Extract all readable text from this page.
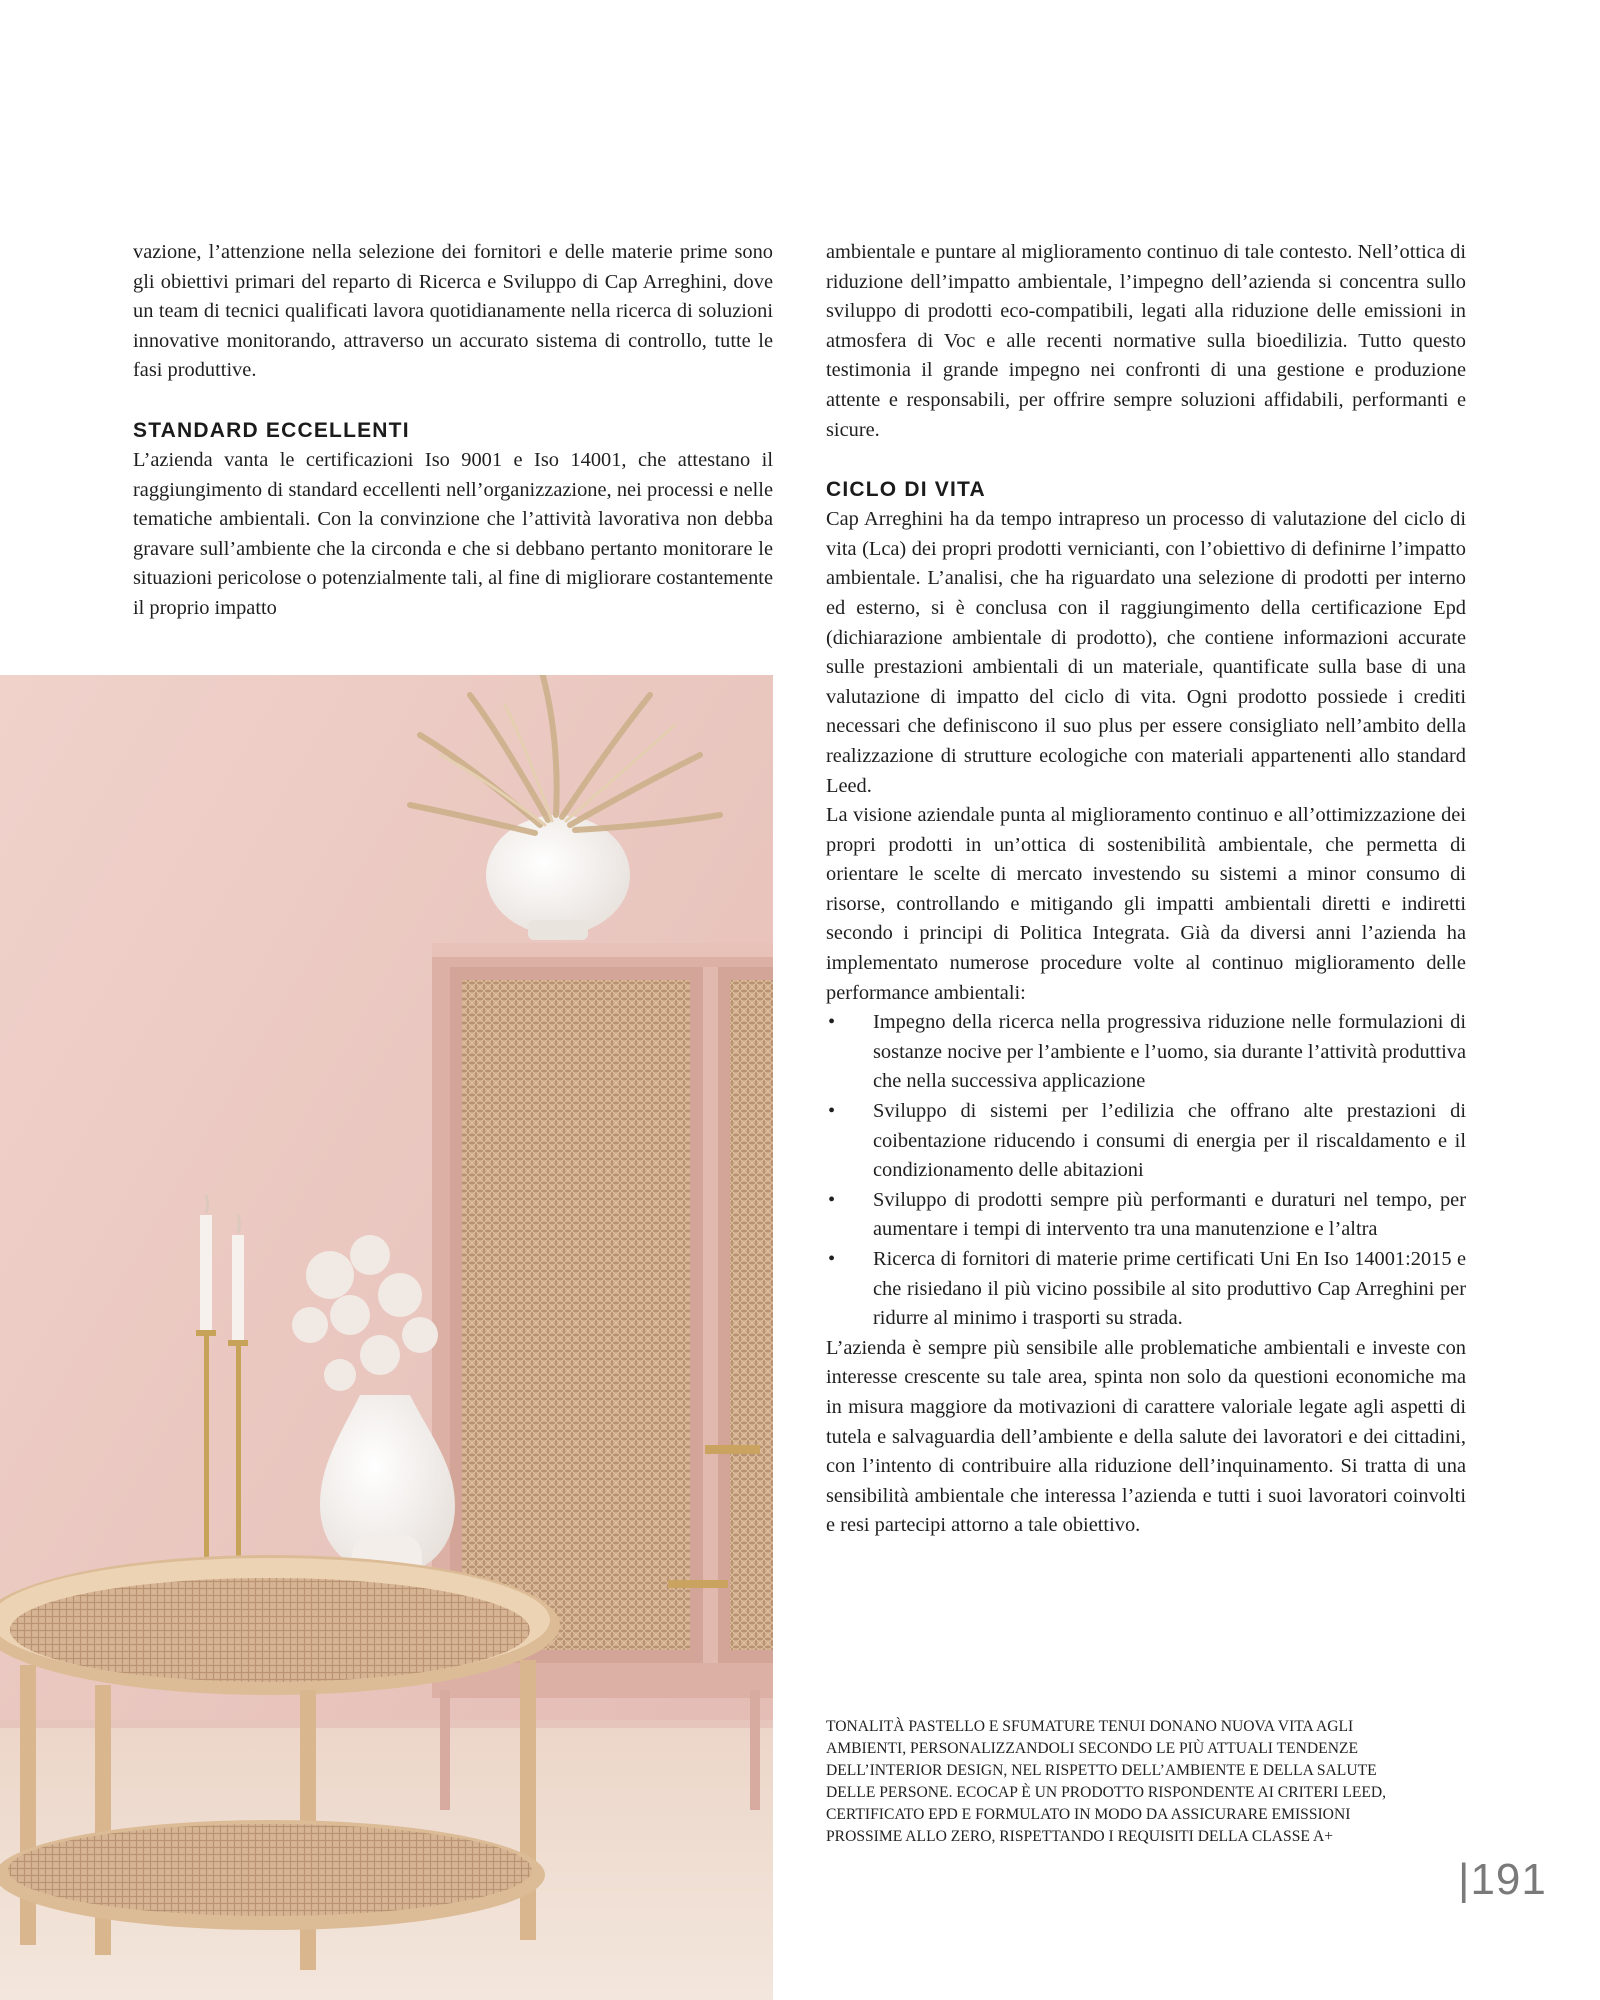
vazione, l’attenzione nella selezione dei fornitori e delle materie prime sono gli obiettivi primari del reparto di Ricerca e Sviluppo di Cap Arreghini, dove un team di tecnici qualificati lavora quotidianamente nella ricerca di soluzioni innovative monitorando, attraverso un accurato sistema di controllo, tutte le fasi produttive.

STANDARD ECCELLENTI

L’azienda vanta le certificazioni Iso 9001 e Iso 14001, che attestano il raggiungimento di standard eccellenti nell’organizzazione, nei processi e nelle tematiche ambientali. Con la convinzione che l’attività lavorativa non debba gravare sull’ambiente che la circonda e che si debbano pertanto monitorare le situazioni pericolose o potenzialmente tali, al fine di migliorare costantemente il proprio impatto

ambientale e puntare al miglioramento continuo di tale contesto. Nell’ottica di riduzione dell’impatto ambientale, l’impegno dell’azienda si concentra sullo sviluppo di prodotti eco-compatibili, legati alla riduzione delle emissioni in atmosfera di Voc e alle recenti normative sulla bioedilizia. Tutto questo testimonia il grande impegno nei confronti di una gestione e produzione attente e responsabili, per offrire sempre soluzioni affidabili, performanti e sicure.

CICLO DI VITA

Cap Arreghini ha da tempo intrapreso un processo di valutazione del ciclo di vita (Lca) dei propri prodotti vernicianti, con l’obiettivo di definirne l’impatto ambientale. L’analisi, che ha riguardato una selezione di prodotti per interno ed esterno, si è conclusa con il raggiungimento della certificazione Epd (dichiarazione ambientale di prodotto), che contiene informazioni accurate sulle prestazioni ambientali di un materiale, quantificate sulla base di una valutazione di impatto del ciclo di vita. Ogni prodotto possiede i crediti necessari che definiscono il suo plus per essere consigliato nell’ambito della realizzazione di strutture ecologiche con materiali appartenenti allo standard Leed.

La visione aziendale punta al miglioramento continuo e all’ottimizzazione dei propri prodotti in un’ottica di sostenibilità ambientale, che permetta di orientare le scelte di mercato investendo su sistemi a minor consumo di risorse, controllando e mitigando gli impatti ambientali diretti e indiretti secondo i principi di Politica Integrata. Già da diversi anni l’azienda ha implementato numerose procedure volte al continuo miglioramento delle performance ambientali:

• Impegno della ricerca nella progressiva riduzione nelle formulazioni di sostanze nocive per l’ambiente e l’uomo, sia durante l’attività produttiva che nella successiva applicazione
• Sviluppo di sistemi per l’edilizia che offrano alte prestazioni di coibentazione riducendo i consumi di energia per il riscaldamento e il condizionamento delle abitazioni
• Sviluppo di prodotti sempre più performanti e duraturi nel tempo, per aumentare i tempi di intervento tra una manutenzione e l’altra
• Ricerca di fornitori di materie prime certificati Uni En Iso 14001:2015 e che risiedano il più vicino possibile al sito produttivo Cap Arreghini per ridurre al minimo i trasporti su strada.

L’azienda è sempre più sensibile alle problematiche ambientali e investe con interesse crescente su tale area, spinta non solo da questioni economiche ma in misura maggiore da motivazioni di carattere valoriale legate agli aspetti di tutela e salvaguardia dell’ambiente e della salute dei lavoratori e dei cittadini, con l’intento di contribuire alla riduzione dell’inquinamento. Si tratta di una sensibilità ambientale che interessa l’azienda e tutti i suoi lavoratori coinvolti e resi partecipi attorno a tale obiettivo.

TONALITÀ PASTELLO E SFUMATURE TENUI DONANO NUOVA VITA AGLI AMBIENTI, PERSONALIZZANDOLI SECONDO LE PIÙ ATTUALI TENDENZE DELL’INTERIOR DESIGN, NEL RISPETTO DELL’AMBIENTE E DELLA SALUTE DELLE PERSONE. ECOCAP È UN PRODOTTO RISPONDENTE AI CRITERI LEED, CERTIFICATO EPD E FORMULATO IN MODO DA ASSICURARE EMISSIONI PROSSIME ALLO ZERO, RISPETTANDO I REQUISITI DELLA CLASSE A+
|191
